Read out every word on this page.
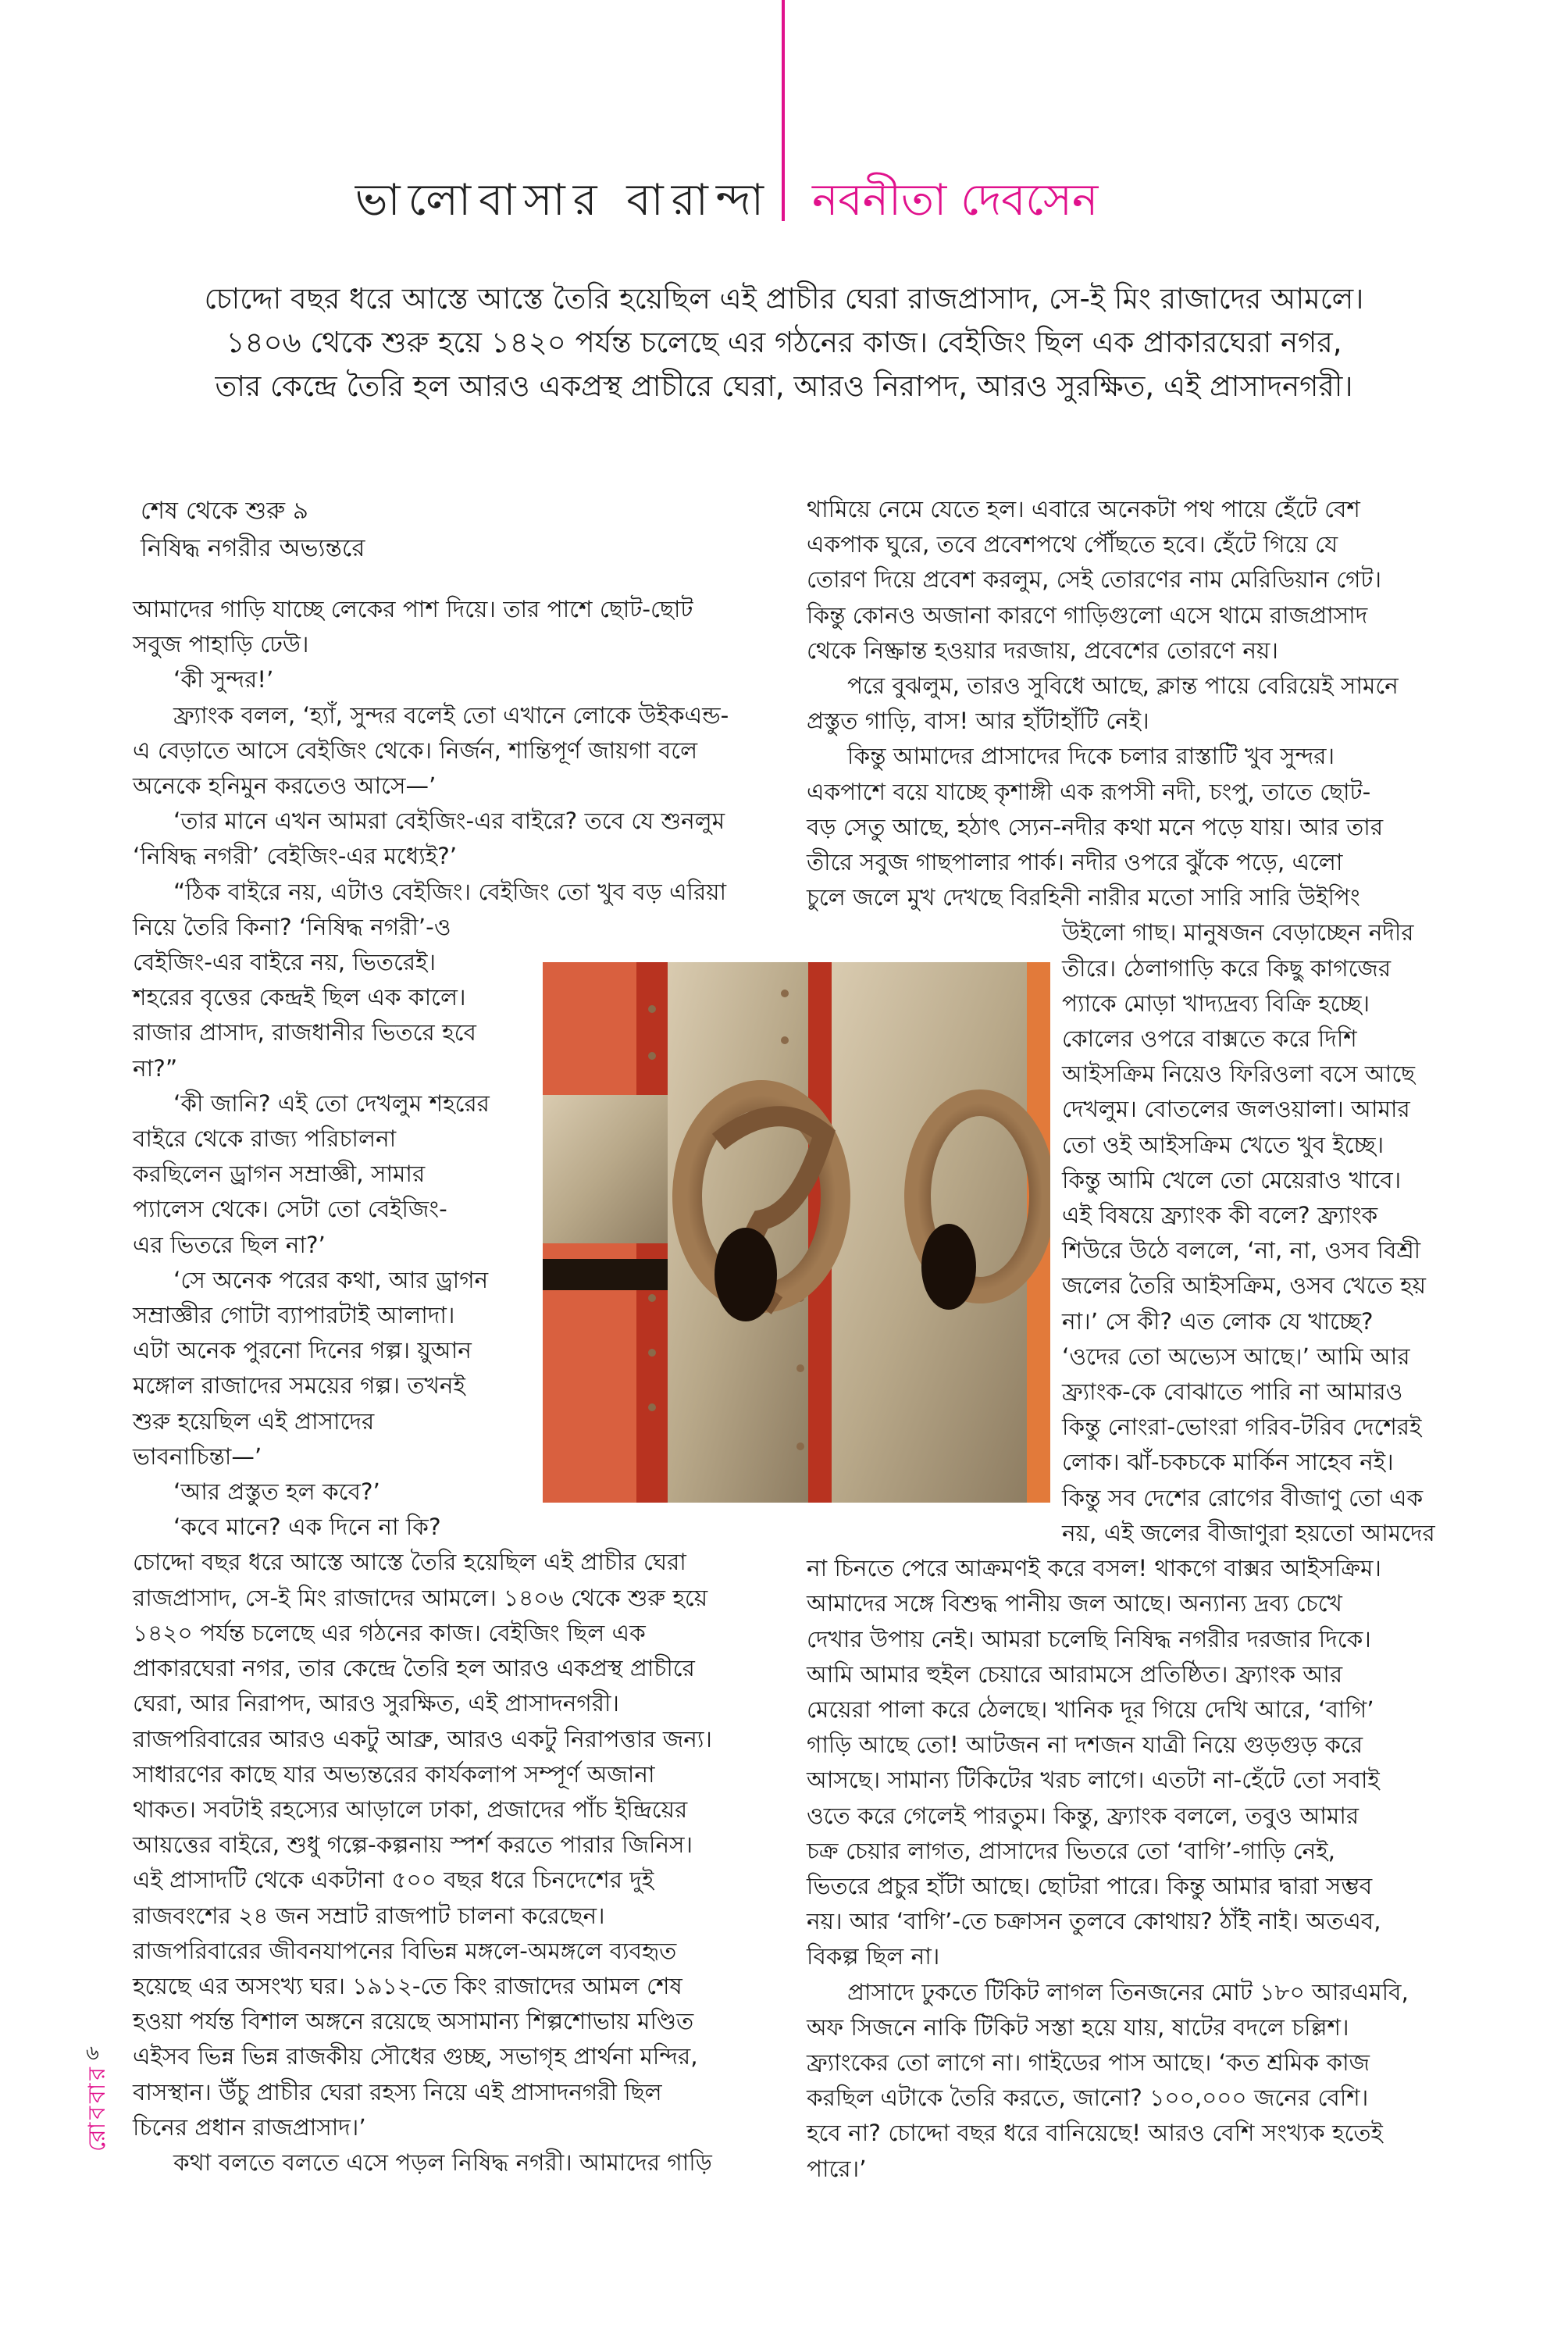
ভালোবাসার বারান্দা নবনীতা দেবসেন
চোদ্দো বছর ধরে আস্তে আস্তে তৈরি হয়েছিল এই প্রাচীর ঘেরা রাজপ্রাসাদ, সে-ই মিং রাজাদের আমলে।
১৪০৬ থেকে শুরু হয়ে ১৪২০ পর্যন্ত চলেছে এর গঠনের কাজ। বেইজিং ছিল এক প্রাকারঘেরা নগর,
তার কেন্দ্রে তৈরি হল আরও একপ্রস্থ প্রাচীরে ঘেরা, আরও নিরাপদ, আরও সুরক্ষিত, এই প্রাসাদনগরী।
শেষ থেকে শুরু ৯
নিষিদ্ধ নগরীর অভ্যন্তরে
আমাদের গাড়ি যাচ্ছে লেকের পাশ দিয়ে। তার পাশে ছোট-ছোট
সবুজ পাহাড়ি ঢেউ।
‘কী সুন্দর!’
ফ্র্যাংক বলল, ‘হ্যাঁ, সুন্দর বলেই তো এখানে লোকে উইকএন্ড-
এ বেড়াতে আসে বেইজিং থেকে। নির্জন, শান্তিপূর্ণ জায়গা বলে
অনেকে হনিমুন করতেও আসে—’
‘তার মানে এখন আমরা বেইজিং-এর বাইরে? তবে যে শুনলুম
‘নিষিদ্ধ নগরী’ বেইজিং-এর মধ্যেই?’
“ঠিক বাইরে নয়, এটাও বেইজিং। বেইজিং তো খুব বড় এরিয়া
নিয়ে তৈরি কিনা? ‘নিষিদ্ধ নগরী’-ও
বেইজিং-এর বাইরে নয়, ভিতরেই।
শহরের বৃত্তের কেন্দ্রই ছিল এক কালে।
রাজার প্রাসাদ, রাজধানীর ভিতরে হবে
না?”
‘কী জানি? এই তো দেখলুম শহরের
বাইরে থেকে রাজ্য পরিচালনা
করছিলেন ড্রাগন সম্রাজ্ঞী, সামার
প্যালেস থেকে। সেটা তো বেইজিং-
এর ভিতরে ছিল না?’
‘সে অনেক পরের কথা, আর ড্রাগন
সম্রাজ্ঞীর গোটা ব্যাপারটাই আলাদা।
এটা অনেক পুরনো দিনের গল্প। য়ুআন
মঙ্গোল রাজাদের সময়ের গল্প। তখনই
শুরু হয়েছিল এই প্রাসাদের
ভাবনাচিন্তা—’
‘আর প্রস্তুত হল কবে?’
‘কবে মানে? এক দিনে না কি?
চোদ্দো বছর ধরে আস্তে আস্তে তৈরি হয়েছিল এই প্রাচীর ঘেরা
রাজপ্রাসাদ, সে-ই মিং রাজাদের আমলে। ১৪০৬ থেকে শুরু হয়ে
১৪২০ পর্যন্ত চলেছে এর গঠনের কাজ। বেইজিং ছিল এক
প্রাকারঘেরা নগর, তার কেন্দ্রে তৈরি হল আরও একপ্রস্থ প্রাচীরে
ঘেরা, আর নিরাপদ, আরও সুরক্ষিত, এই প্রাসাদনগরী।
রাজপরিবারের আরও একটু আব্রু, আরও একটু নিরাপত্তার জন্য।
সাধারণের কাছে যার অভ্যন্তরের কার্যকলাপ সম্পূর্ণ অজানা
থাকত। সবটাই রহস্যের আড়ালে ঢাকা, প্রজাদের পাঁচ ইন্দ্রিয়ের
আয়ত্তের বাইরে, শুধু গল্পে-কল্পনায় স্পর্শ করতে পারার জিনিস।
এই প্রাসাদটি থেকে একটানা ৫০০ বছর ধরে চিনদেশের দুই
রাজবংশের ২৪ জন সম্রাট রাজপাট চালনা করেছেন।
রাজপরিবারের জীবনযাপনের বিভিন্ন মঙ্গলে-অমঙ্গলে ব্যবহৃত
হয়েছে এর অসংখ্য ঘর। ১৯১২-তে কিং রাজাদের আমল শেষ
হওয়া পর্যন্ত বিশাল অঙ্গনে রয়েছে অসামান্য শিল্পশোভায় মণ্ডিত
এইসব ভিন্ন ভিন্ন রাজকীয় সৌধের গুচ্ছ, সভাগৃহ প্রার্থনা মন্দির,
বাসস্থান। উঁচু প্রাচীর ঘেরা রহস্য নিয়ে এই প্রাসাদনগরী ছিল
চিনের প্রধান রাজপ্রাসাদ।’
কথা বলতে বলতে এসে পড়ল নিষিদ্ধ নগরী। আমাদের গাড়ি
থামিয়ে নেমে যেতে হল। এবারে অনেকটা পথ পায়ে হেঁটে বেশ
একপাক ঘুরে, তবে প্রবেশপথে পৌঁছতে হবে। হেঁটে গিয়ে যে
তোরণ দিয়ে প্রবেশ করলুম, সেই তোরণের নাম মেরিডিয়ান গেট।
কিন্তু কোনও অজানা কারণে গাড়িগুলো এসে থামে রাজপ্রাসাদ
থেকে নিষ্ক্রান্ত হওয়ার দরজায়, প্রবেশের তোরণে নয়।
পরে বুঝলুম, তারও সুবিধে আছে, ক্লান্ত পায়ে বেরিয়েই সামনে
প্রস্তুত গাড়ি, বাস! আর হাঁটাহাঁটি নেই।
কিন্তু আমাদের প্রাসাদের দিকে চলার রাস্তাটি খুব সুন্দর।
একপাশে বয়ে যাচ্ছে কৃশাঙ্গী এক রূপসী নদী, চংপু, তাতে ছোট-
বড় সেতু আছে, হঠাৎ স্যেন-নদীর কথা মনে পড়ে যায়। আর তার
তীরে সবুজ গাছপালার পার্ক। নদীর ওপরে ঝুঁকে পড়ে, এলো
চুলে জলে মুখ দেখছে বিরহিনী নারীর মতো সারি সারি উইপিং
উইলো গাছ। মানুষজন বেড়াচ্ছেন নদীর
তীরে। ঠেলাগাড়ি করে কিছু কাগজের
প্যাকে মোড়া খাদ্যদ্রব্য বিক্রি হচ্ছে।
কোলের ওপরে বাক্সতে করে দিশি
আইসক্রিম নিয়েও ফিরিওলা বসে আছে
দেখলুম। বোতলের জলওয়ালা। আমার
তো ওই আইসক্রিম খেতে খুব ইচ্ছে।
কিন্তু আমি খেলে তো মেয়েরাও খাবে।
এই বিষয়ে ফ্র্যাংক কী বলে? ফ্র্যাংক
শিউরে উঠে বললে, ‘না, না, ওসব বিশ্রী
জলের তৈরি আইসক্রিম, ওসব খেতে হয়
না।’ সে কী? এত লোক যে খাচ্ছে?
‘ওদের তো অভ্যেস আছে।’ আমি আর
ফ্র্যাংক-কে বোঝাতে পারি না আমারও
কিন্তু নোংরা-ভোংরা গরিব-টরিব দেশেরই
লোক। ঝাঁ-চকচকে মার্কিন সাহেব নই।
কিন্তু সব দেশের রোগের বীজাণু তো এক
নয়, এই জলের বীজাণুরা হয়তো আমদের
না চিনতে পেরে আক্রমণই করে বসল! থাকগে বাক্সর আইসক্রিম।
আমাদের সঙ্গে বিশুদ্ধ পানীয় জল আছে। অন্যান্য দ্রব্য চেখে
দেখার উপায় নেই। আমরা চলেছি নিষিদ্ধ নগরীর দরজার দিকে।
আমি আমার হুইল চেয়ারে আরামসে প্রতিষ্ঠিত। ফ্র্যাংক আর
মেয়েরা পালা করে ঠেলছে। খানিক দূর গিয়ে দেখি আরে, ‘বাগি’
গাড়ি আছে তো! আটজন না দশজন যাত্রী নিয়ে গুড়গুড় করে
আসছে। সামান্য টিকিটের খরচ লাগে। এতটা না-হেঁটে তো সবাই
ওতে করে গেলেই পারতুম। কিন্তু, ফ্র্যাংক বললে, তবুও আমার
চক্র চেয়ার লাগত, প্রাসাদের ভিতরে তো ‘বাগি’-গাড়ি নেই,
ভিতরে প্রচুর হাঁটা আছে। ছোটরা পারে। কিন্তু আমার দ্বারা সম্ভব
নয়। আর ‘বাগি’-তে চক্রাসন তুলবে কোথায়? ঠাঁই নাই। অতএব,
বিকল্প ছিল না।
প্রাসাদে ঢুকতে টিকিট লাগল তিনজনের মোট ১৮০ আরএমবি,
অফ সিজনে নাকি টিকিট সস্তা হয়ে যায়, ষাটের বদলে চল্লিশ।
ফ্র্যাংকের তো লাগে না। গাইডের পাস আছে। ‘কত শ্রমিক কাজ
করছিল এটাকে তৈরি করতে, জানো? ১০০,০০০ জনের বেশি।
হবে না? চোদ্দো বছর ধরে বানিয়েছে! আরও বেশি সংখ্যক হতেই
পারে।’
৬
রোববার
